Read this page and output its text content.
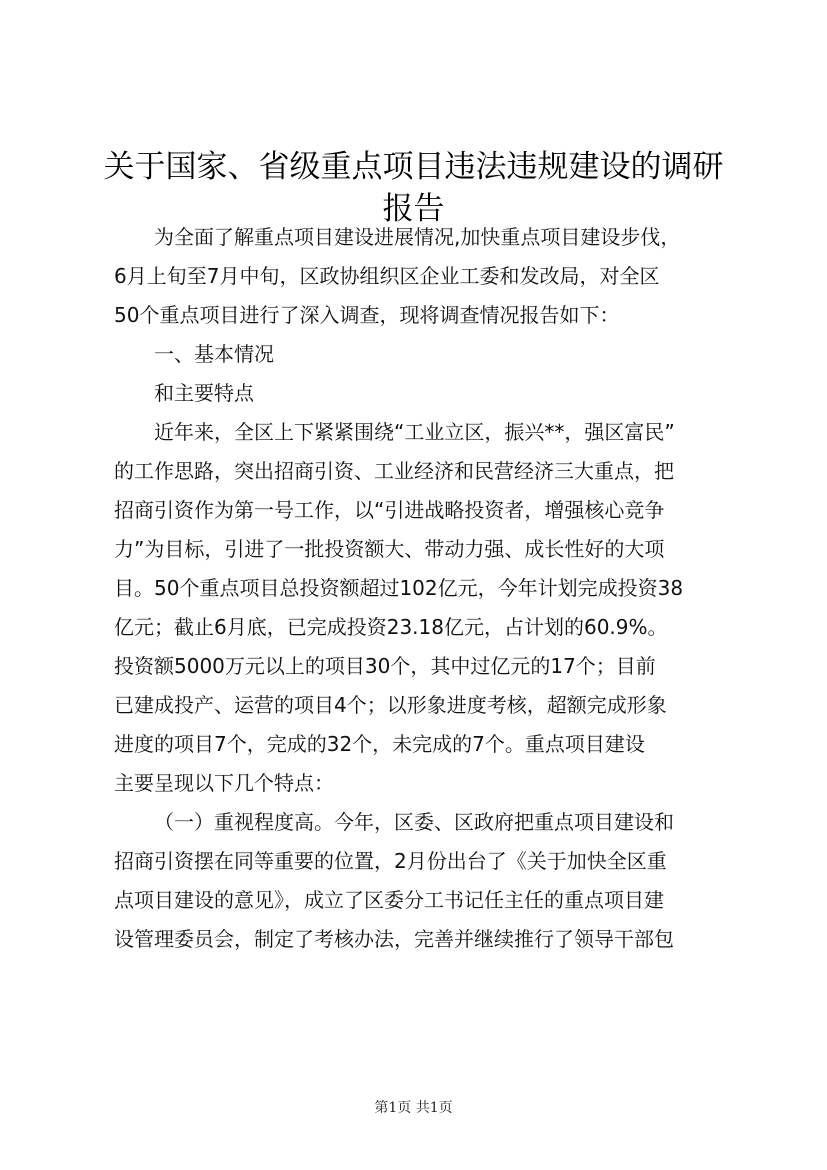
关于国家、省级重点项目违法违规建设的调研
报告
为全面了解重点项目建设进展情况,加快重点项目建设步伐，
6月上旬至7月中旬，区政协组织区企业工委和发改局，对全区
50个重点项目进行了深入调查，现将调查情况报告如下：
一、基本情况
和主要特点
近年来，全区上下紧紧围绕“工业立区，振兴**，强区富民”
的工作思路，突出招商引资、工业经济和民营经济三大重点，把
招商引资作为第一号工作，以“引进战略投资者，增强核心竞争
力”为目标，引进了一批投资额大、带动力强、成长性好的大项
目。50个重点项目总投资额超过102亿元，今年计划完成投资38
亿元；截止6月底，已完成投资23.18亿元，占计划的60.9%。
投资额5000万元以上的项目30个，其中过亿元的17个；目前
已建成投产、运营的项目4个；以形象进度考核，超额完成形象
进度的项目7个，完成的32个，未完成的7个。重点项目建设
主要呈现以下几个特点：
（一）重视程度高。今年，区委、区政府把重点项目建设和
招商引资摆在同等重要的位置，2月份出台了《关于加快全区重
点项目建设的意见》，成立了区委分工书记任主任的重点项目建
设管理委员会，制定了考核办法，完善并继续推行了领导干部包
第1页 共1页
